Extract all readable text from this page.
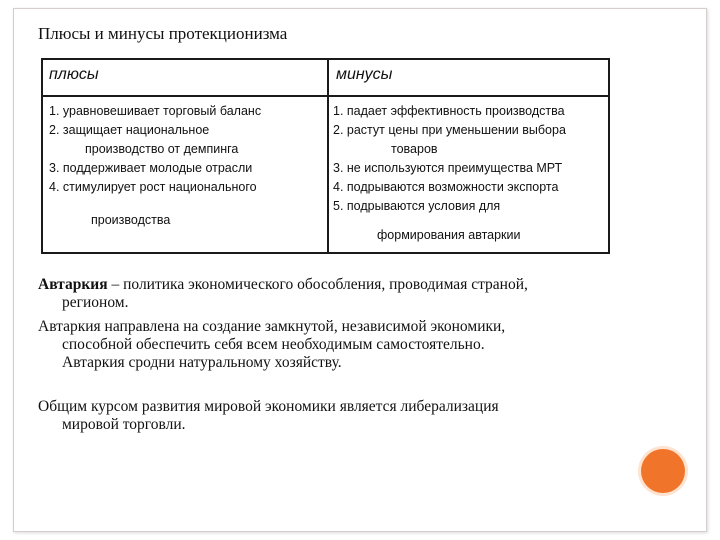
Плюсы и минусы протекционизма
плюсы	минусы
1. уравновешивает торговый баланс
2. защищает национальное
производство от демпинга
3. поддерживает молодые отрасли
4. стимулирует рост национального
производства
1. падает эффективность производства
2. растут цены при уменьшении выбора
товаров
3. не используются преимущества МРТ
4. подрываются возможности экспорта
5. подрываются условия для
формирования автаркии
Автаркия – политика экономического обособления, проводимая страной,
регионом.
Автаркия направлена на создание замкнутой, независимой экономики,
способной обеспечить себя всем необходимым самостоятельно.
Автаркия сродни натуральному хозяйству.
Общим курсом развития мировой экономики является либерализация
мировой торговли.
